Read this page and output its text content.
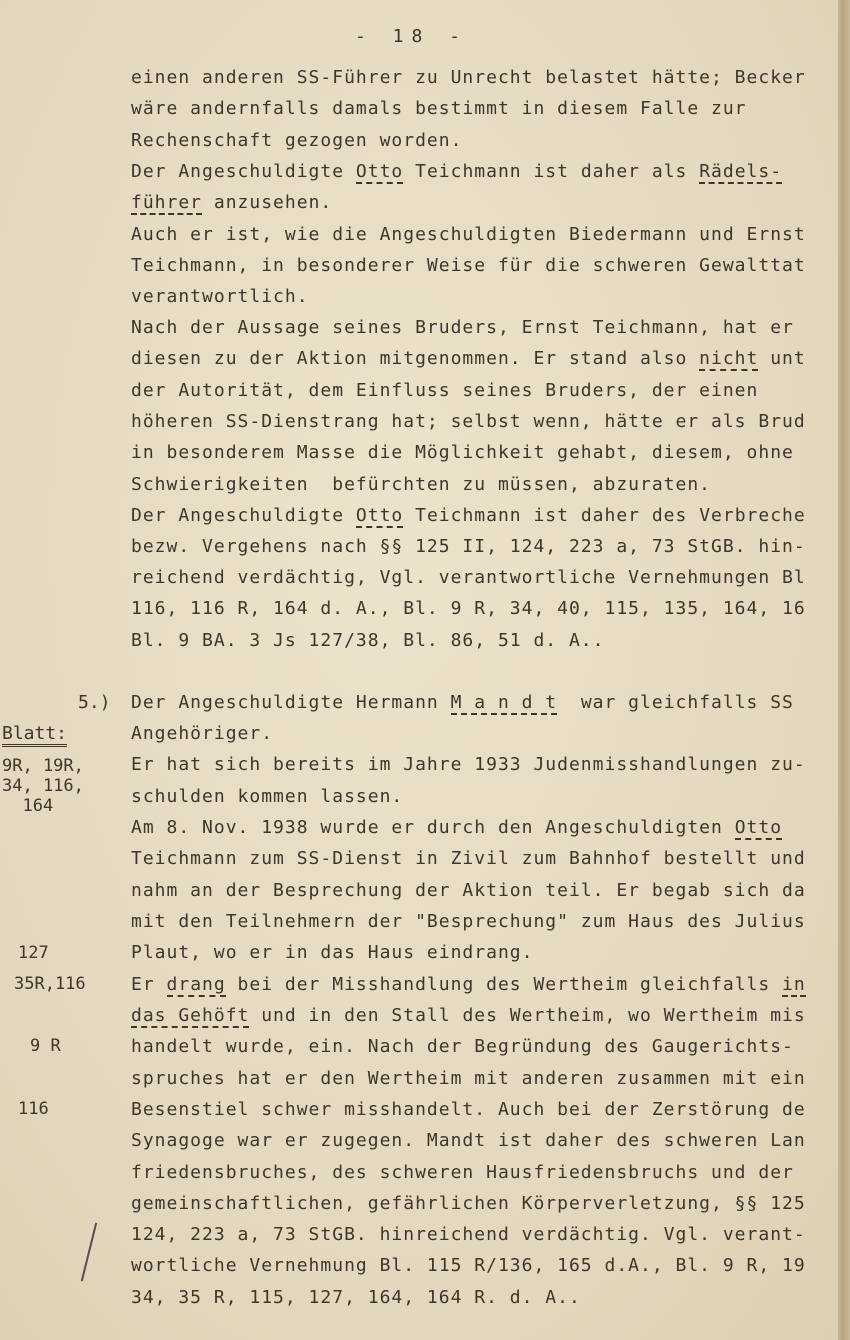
- 18 -
einen anderen SS-Führer zu Unrecht belastet hätte; Becker
wäre andernfalls damals bestimmt in diesem Falle zur
Rechenschaft gezogen worden.
Der Angeschuldigte Otto Teichmann ist daher als Rädels-
führer anzusehen.
Auch er ist, wie die Angeschuldigten Biedermann und Ernst
Teichmann, in besonderer Weise für die schweren Gewalttat
verantwortlich.
Nach der Aussage seines Bruders, Ernst Teichmann, hat er
diesen zu der Aktion mitgenommen. Er stand also nicht unt
der Autorität, dem Einfluss seines Bruders, der einen
höheren SS-Dienstrang hat; selbst wenn, hätte er als Brud
in besonderem Masse die Möglichkeit gehabt, diesem, ohne
Schwierigkeiten  befürchten zu müssen, abzuraten.
Der Angeschuldigte Otto Teichmann ist daher des Verbreche
bezw. Vergehens nach §§ 125 II, 124, 223 a, 73 StGB. hin-
reichend verdächtig, Vgl. verantwortliche Vernehmungen Bl
116, 116 R, 164 d. A., Bl. 9 R, 34, 40, 115, 135, 164, 16
Bl. 9 BA. 3 Js 127/38, Bl. 86, 51 d. A..
5.) Der Angeschuldigte Hermann M a n d t  war gleichfalls SS
Angehöriger.
Er hat sich bereits im Jahre 1933 Judenmisshandlungen zu-
schulden kommen lassen.
Am 8. Nov. 1938 wurde er durch den Angeschuldigten Otto
Teichmann zum SS-Dienst in Zivil zum Bahnhof bestellt und
nahm an der Besprechung der Aktion teil. Er begab sich da
mit den Teilnehmern der "Besprechung" zum Haus des Julius
Plaut, wo er in das Haus eindrang.
Er drang bei der Misshandlung des Wertheim gleichfalls in
das Gehöft und in den Stall des Wertheim, wo Wertheim mis
handelt wurde, ein. Nach der Begründung des Gaugerichts-
spruches hat er den Wertheim mit anderen zusammen mit ein
Besenstiel schwer misshandelt. Auch bei der Zerstörung de
Synagoge war er zugegen. Mandt ist daher des schweren Lan
friedensbruches, des schweren Hausfriedensbruchs und der
gemeinschaftlichen, gefährlichen Körperverletzung, §§ 125
124, 223 a, 73 StGB. hinreichend verdächtig. Vgl. verant-
wortliche Vernehmung Bl. 115 R/136, 165 d.A., Bl. 9 R, 19
34, 35 R, 115, 127, 164, 164 R. d. A..
Blatt:
9R, 19R,
34, 116,
164
127
35R,116
9 R
116
